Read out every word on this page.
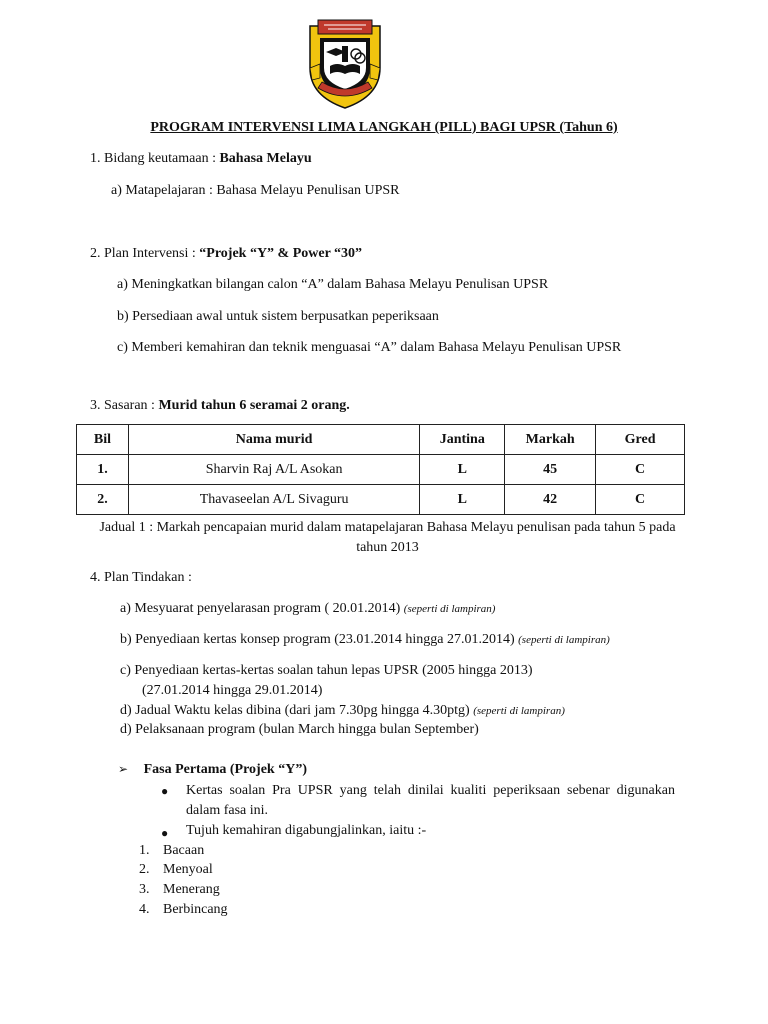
PROGRAM INTERVENSI LIMA LANGKAH (PILL) BAGI UPSR (Tahun 6)
1. Bidang keutamaan : Bahasa Melayu
a) Matapelajaran : Bahasa Melayu Penulisan UPSR
2. Plan Intervensi : “Projek “Y” & Power “30”
a) Meningkatkan bilangan calon “A” dalam Bahasa Melayu Penulisan UPSR
b) Persediaan awal untuk sistem berpusatkan peperiksaan
c) Memberi kemahiran dan teknik menguasai “A” dalam Bahasa Melayu Penulisan UPSR
3. Sasaran : Murid tahun 6 seramai 2 orang.
Bil	Nama murid	Jantina	Markah	Gred
1.	Sharvin Raj A/L Asokan	L	45	C
2.	Thavaseelan A/L Sivaguru	L	42	C
Jadual 1 : Markah pencapaian murid dalam matapelajaran Bahasa Melayu penulisan pada tahun 5 pada tahun 2013
4. Plan Tindakan :
a) Mesyuarat penyelarasan program ( 20.01.2014) (seperti di lampiran)
b) Penyediaan kertas konsep program (23.01.2014 hingga 27.01.2014) (seperti di lampiran)
c) Penyediaan kertas-kertas soalan tahun lepas UPSR (2005 hingga 2013)
(27.01.2014 hingga 29.01.2014)
d) Jadual Waktu kelas dibina (dari jam 7.30pg hingga 4.30ptg) (seperti di lampiran)
d) Pelaksanaan program (bulan March hingga bulan September)
➢ Fasa Pertama (Projek “Y”)
● Kertas soalan Pra UPSR yang telah dinilai kualiti peperiksaan sebenar digunakan dalam fasa ini.
● Tujuh kemahiran digabungjalinkan, iaitu :-
1. Bacaan
2. Menyoal
3. Menerang
4. Berbincang
